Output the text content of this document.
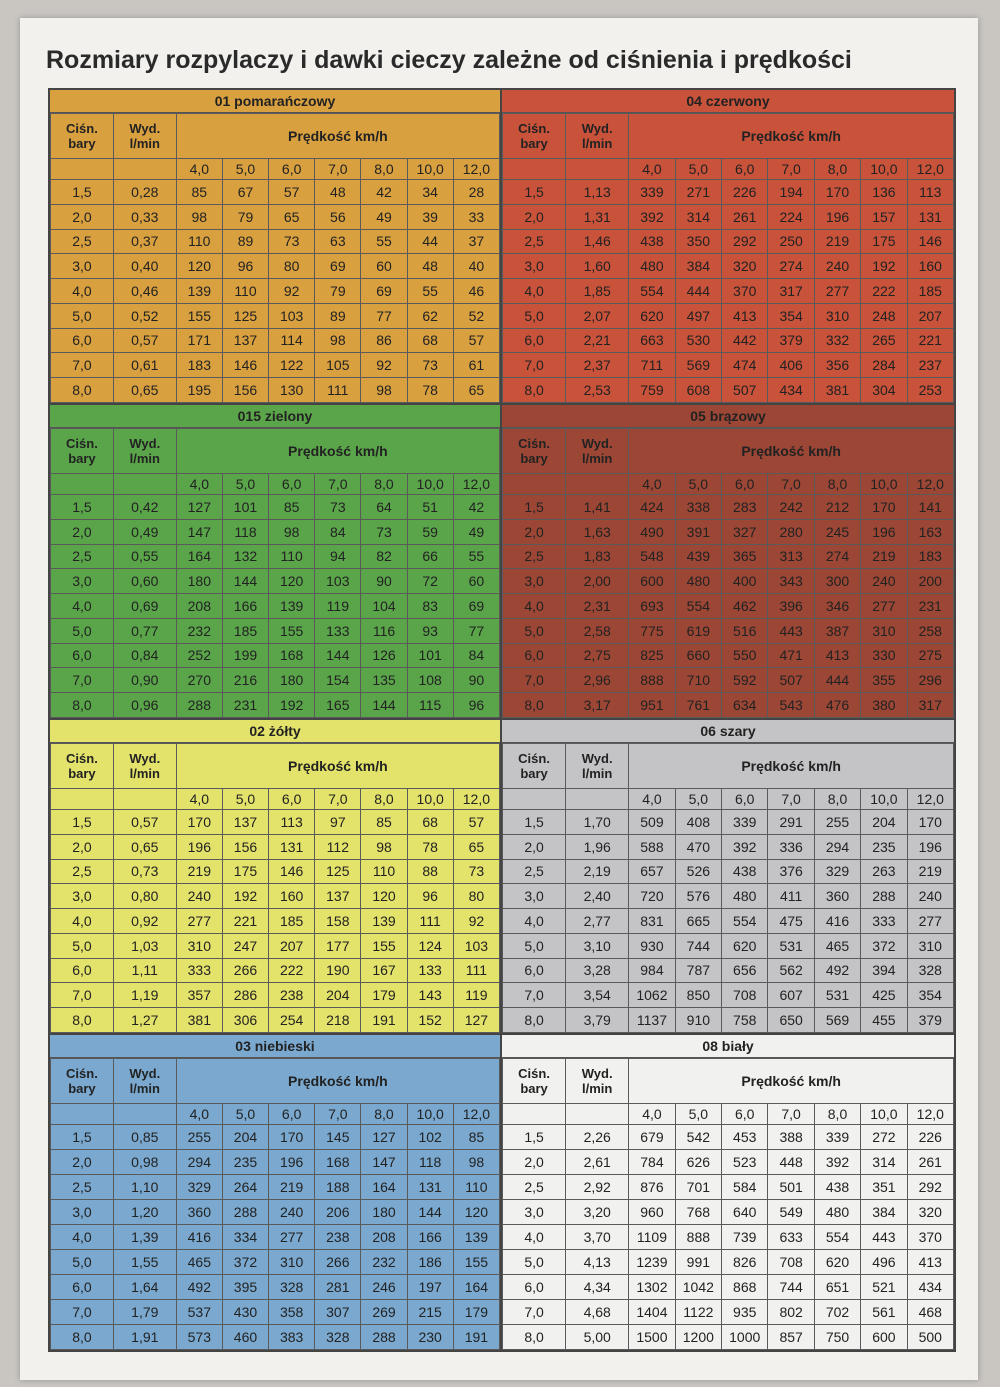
Rozmiary rozpylaczy i dawki cieczy zależne od ciśnienia i prędkości
01 pomarańczowy
Ciśn. bary	Wyd. l/min	Prędkość km/h						
		4,0	5,0	6,0	7,0	8,0	10,0	12,0
1,5	0,28	85	67	57	48	42	34	28
2,0	0,33	98	79	65	56	49	39	33
2,5	0,37	110	89	73	63	55	44	37
3,0	0,40	120	96	80	69	60	48	40
4,0	0,46	139	110	92	79	69	55	46
5,0	0,52	155	125	103	89	77	62	52
6,0	0,57	171	137	114	98	86	68	57
7,0	0,61	183	146	122	105	92	73	61
8,0	0,65	195	156	130	111	98	78	65
04 czerwony
Ciśn. bary	Wyd. l/min	Prędkość km/h						
		4,0	5,0	6,0	7,0	8,0	10,0	12,0
1,5	1,13	339	271	226	194	170	136	113
2,0	1,31	392	314	261	224	196	157	131
2,5	1,46	438	350	292	250	219	175	146
3,0	1,60	480	384	320	274	240	192	160
4,0	1,85	554	444	370	317	277	222	185
5,0	2,07	620	497	413	354	310	248	207
6,0	2,21	663	530	442	379	332	265	221
7,0	2,37	711	569	474	406	356	284	237
8,0	2,53	759	608	507	434	381	304	253
015 zielony
Ciśn. bary	Wyd. l/min	Prędkość km/h						
		4,0	5,0	6,0	7,0	8,0	10,0	12,0
1,5	0,42	127	101	85	73	64	51	42
2,0	0,49	147	118	98	84	73	59	49
2,5	0,55	164	132	110	94	82	66	55
3,0	0,60	180	144	120	103	90	72	60
4,0	0,69	208	166	139	119	104	83	69
5,0	0,77	232	185	155	133	116	93	77
6,0	0,84	252	199	168	144	126	101	84
7,0	0,90	270	216	180	154	135	108	90
8,0	0,96	288	231	192	165	144	115	96
05 brązowy
Ciśn. bary	Wyd. l/min	Prędkość km/h						
		4,0	5,0	6,0	7,0	8,0	10,0	12,0
1,5	1,41	424	338	283	242	212	170	141
2,0	1,63	490	391	327	280	245	196	163
2,5	1,83	548	439	365	313	274	219	183
3,0	2,00	600	480	400	343	300	240	200
4,0	2,31	693	554	462	396	346	277	231
5,0	2,58	775	619	516	443	387	310	258
6,0	2,75	825	660	550	471	413	330	275
7,0	2,96	888	710	592	507	444	355	296
8,0	3,17	951	761	634	543	476	380	317
02 żółty
Ciśn. bary	Wyd. l/min	Prędkość km/h						
		4,0	5,0	6,0	7,0	8,0	10,0	12,0
1,5	0,57	170	137	113	97	85	68	57
2,0	0,65	196	156	131	112	98	78	65
2,5	0,73	219	175	146	125	110	88	73
3,0	0,80	240	192	160	137	120	96	80
4,0	0,92	277	221	185	158	139	111	92
5,0	1,03	310	247	207	177	155	124	103
6,0	1,11	333	266	222	190	167	133	111
7,0	1,19	357	286	238	204	179	143	119
8,0	1,27	381	306	254	218	191	152	127
06 szary
Ciśn. bary	Wyd. l/min	Prędkość km/h						
		4,0	5,0	6,0	7,0	8,0	10,0	12,0
1,5	1,70	509	408	339	291	255	204	170
2,0	1,96	588	470	392	336	294	235	196
2,5	2,19	657	526	438	376	329	263	219
3,0	2,40	720	576	480	411	360	288	240
4,0	2,77	831	665	554	475	416	333	277
5,0	3,10	930	744	620	531	465	372	310
6,0	3,28	984	787	656	562	492	394	328
7,0	3,54	1062	850	708	607	531	425	354
8,0	3,79	1137	910	758	650	569	455	379
03 niebieski
Ciśn. bary	Wyd. l/min	Prędkość km/h						
		4,0	5,0	6,0	7,0	8,0	10,0	12,0
1,5	0,85	255	204	170	145	127	102	85
2,0	0,98	294	235	196	168	147	118	98
2,5	1,10	329	264	219	188	164	131	110
3,0	1,20	360	288	240	206	180	144	120
4,0	1,39	416	334	277	238	208	166	139
5,0	1,55	465	372	310	266	232	186	155
6,0	1,64	492	395	328	281	246	197	164
7,0	1,79	537	430	358	307	269	215	179
8,0	1,91	573	460	383	328	288	230	191
08 biały
Ciśn. bary	Wyd. l/min	Prędkość km/h						
		4,0	5,0	6,0	7,0	8,0	10,0	12,0
1,5	2,26	679	542	453	388	339	272	226
2,0	2,61	784	626	523	448	392	314	261
2,5	2,92	876	701	584	501	438	351	292
3,0	3,20	960	768	640	549	480	384	320
4,0	3,70	1109	888	739	633	554	443	370
5,0	4,13	1239	991	826	708	620	496	413
6,0	4,34	1302	1042	868	744	651	521	434
7,0	4,68	1404	1122	935	802	702	561	468
8,0	5,00	1500	1200	1000	857	750	600	500
